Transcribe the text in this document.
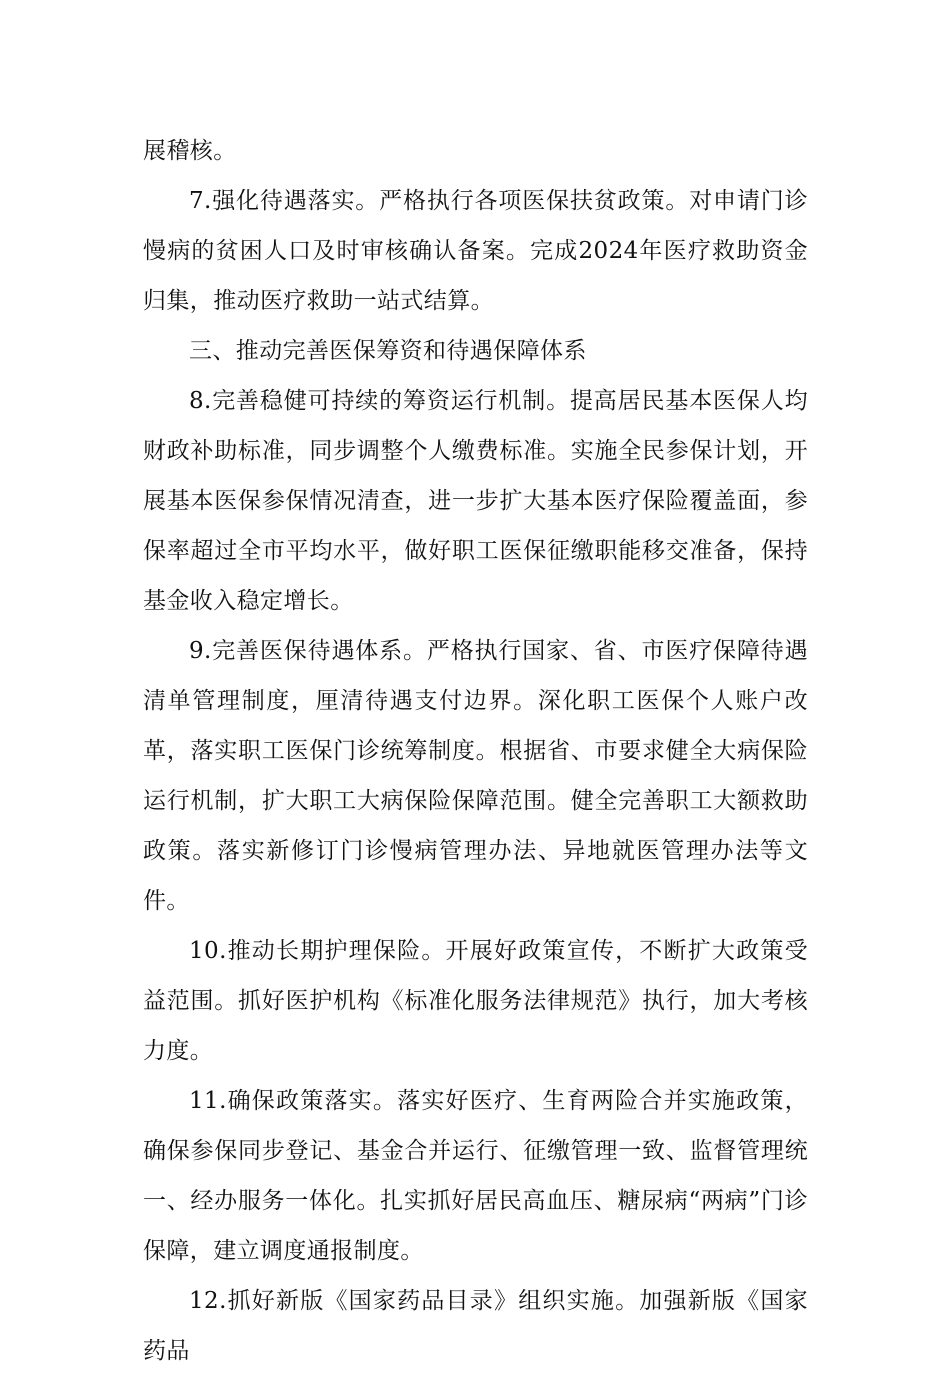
展稽核。

7.强化待遇落实。严格执行各项医保扶贫政策。对申请门诊慢病的贫困人口及时审核确认备案。完成2024年医疗救助资金归集，推动医疗救助一站式结算。

三、推动完善医保筹资和待遇保障体系

8.完善稳健可持续的筹资运行机制。提高居民基本医保人均财政补助标准，同步调整个人缴费标准。实施全民参保计划，开展基本医保参保情况清查，进一步扩大基本医疗保险覆盖面，参保率超过全市平均水平，做好职工医保征缴职能移交准备，保持基金收入稳定增长。

9.完善医保待遇体系。严格执行国家、省、市医疗保障待遇清单管理制度，厘清待遇支付边界。深化职工医保个人账户改革，落实职工医保门诊统筹制度。根据省、市要求健全大病保险运行机制，扩大职工大病保险保障范围。健全完善职工大额救助政策。落实新修订门诊慢病管理办法、异地就医管理办法等文件。

10.推动长期护理保险。开展好政策宣传，不断扩大政策受益范围。抓好医护机构《标准化服务法律规范》执行，加大考核力度。

11.确保政策落实。落实好医疗、生育两险合并实施政策，确保参保同步登记、基金合并运行、征缴管理一致、监督管理统一、经办服务一体化。扎实抓好居民高血压、糖尿病“两病”门诊保障，建立调度通报制度。

12.抓好新版《国家药品目录》组织实施。加强新版《国家药品
